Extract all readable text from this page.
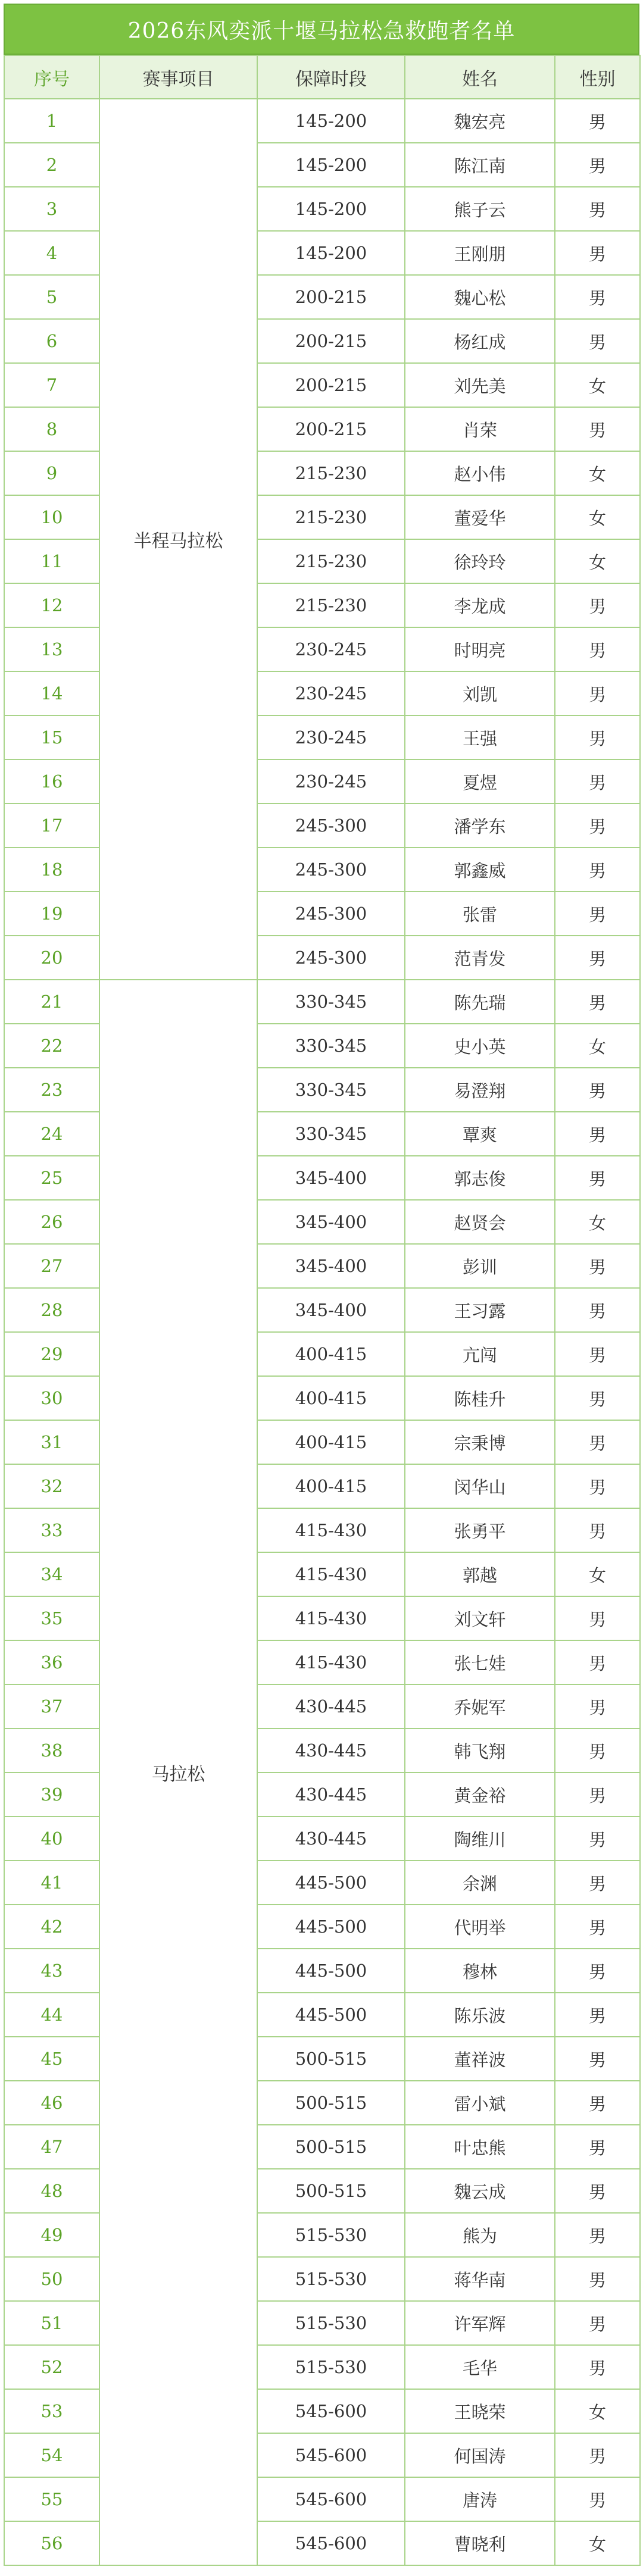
2026东风奕派十堰马拉松急救跑者名单
序号	赛事项目	保障时段	姓名	性别
1	半程马拉松	145-200	魏宏亮	男
2		145-200	陈江南	男
3		145-200	熊子云	男
4		145-200	王刚朋	男
5		200-215	魏心松	男
6		200-215	杨红成	男
7		200-215	刘先美	女
8		200-215	肖荣	男
9		215-230	赵小伟	女
10		215-230	董爱华	女
11		215-230	徐玲玲	女
12		215-230	李龙成	男
13		230-245	时明亮	男
14		230-245	刘凯	男
15		230-245	王强	男
16		230-245	夏煜	男
17		245-300	潘学东	男
18		245-300	郭鑫威	男
19		245-300	张雷	男
20		245-300	范青发	男
21	马拉松	330-345	陈先瑞	男
22		330-345	史小英	女
23		330-345	易澄翔	男
24		330-345	覃爽	男
25		345-400	郭志俊	男
26		345-400	赵贤会	女
27		345-400	彭训	男
28		345-400	王习露	男
29		400-415	亢闯	男
30		400-415	陈桂升	男
31		400-415	宗秉博	男
32		400-415	闵华山	男
33		415-430	张勇平	男
34		415-430	郭越	女
35		415-430	刘文轩	男
36		415-430	张七娃	男
37		430-445	乔妮军	男
38		430-445	韩飞翔	男
39		430-445	黄金裕	男
40		430-445	陶维川	男
41		445-500	余渊	男
42		445-500	代明举	男
43		445-500	穆林	男
44		445-500	陈乐波	男
45		500-515	董祥波	男
46		500-515	雷小斌	男
47		500-515	叶忠熊	男
48		500-515	魏云成	男
49		515-530	熊为	男
50		515-530	蒋华南	男
51		515-530	许军辉	男
52		515-530	毛华	男
53		545-600	王晓荣	女
54		545-600	何国涛	男
55		545-600	唐涛	男
56		545-600	曹晓利	女
